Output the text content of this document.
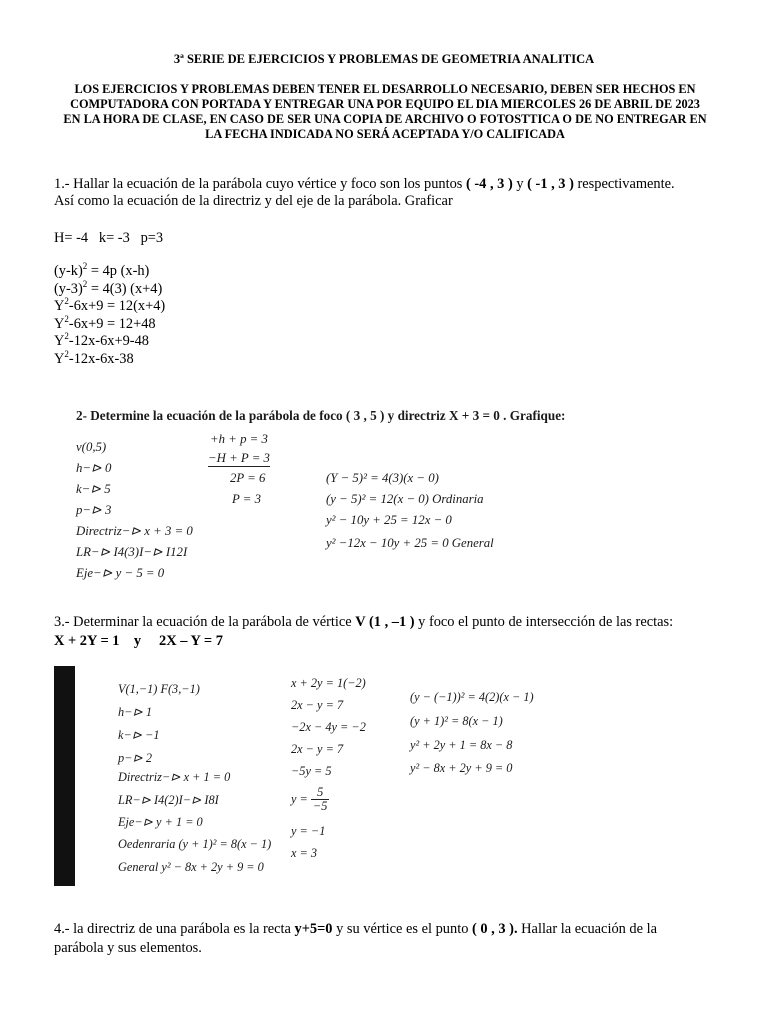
3ª SERIE DE EJERCICIOS Y PROBLEMAS DE GEOMETRIA ANALITICA
LOS EJERCICIOS Y PROBLEMAS DEBEN TENER EL DESARROLLO NECESARIO, DEBEN SER HECHOS EN
COMPUTADORA CON PORTADA Y ENTREGAR UNA POR EQUIPO EL DIA MIERCOLES 26 DE ABRIL DE 2023
EN LA HORA DE CLASE, EN CASO DE SER UNA COPIA DE ARCHIVO O FOTOSTTICA O DE NO ENTREGAR EN
LA FECHA INDICADA NO SERÁ ACEPTADA Y/O CALIFICADA
1.- Hallar la ecuación de la parábola cuyo vértice y foco son los puntos ( -4 , 3 ) y ( -1 , 3 ) respectivamente.
Así como la ecuación de la directriz y del eje de la parábola. Graficar
H= -4   k= -3   p=3
$(y-k)^2 = 4p$ (x-h)
$(y-3)^2 = 4(3)$ (x+4)
$Y^2-6x+9 = 12(x+4)$
$Y^2-6x+9 = 12+48$
$Y^2-12x-6x+9-48$
$Y^2-12x-6x-38$
2- Determine la ecuación de la parábola de foco ( 3 , 5 ) y directriz X + 3 = 0 . Grafique:
v(0,5)
h−⊳ 0
k−⊳ 5
p−⊳ 3
Directriz−⊳ x + 3 = 0
LR−⊳ I4(3)I−⊳ I12I
Eje−⊳ y − 5 = 0
+h + p = 3
−H + P = 3
2P = 6
P = 3
(Y − 5)² = 4(3)(x − 0)
(y − 5)² = 12(x − 0) Ordinaria
y² − 10y + 25 = 12x − 0
y² −12x − 10y + 25 = 0 General
3.- Determinar la ecuación de la parábola de vértice V (1 , –1 ) y foco el punto de intersección de las rectas:
X + 2Y = 1    y     2X – Y = 7
V(1,−1) F(3,−1)
h−⊳ 1
k−⊳ −1
p−⊳ 2
Directriz−⊳ x + 1 = 0
LR−⊳ I4(2)I−⊳ I8I
Eje−⊳ y + 1 = 0
Oedenraria (y + 1)² = 8(x − 1)
General y² − 8x + 2y + 9 = 0
x + 2y = 1(−2)
2x − y = 7
−2x − 4y = −2
2x − y = 7
−5y = 5
$y = \frac{5}{-5}$
y = −1
x = 3
(y − (−1))² = 4(2)(x − 1)
(y + 1)² = 8(x − 1)
y² + 2y + 1 = 8x − 8
y² − 8x + 2y + 9 = 0
4.- la directriz de una parábola es la recta y+5=0 y su vértice es el punto ( 0 , 3 ). Hallar la ecuación de la
parábola y sus elementos.
